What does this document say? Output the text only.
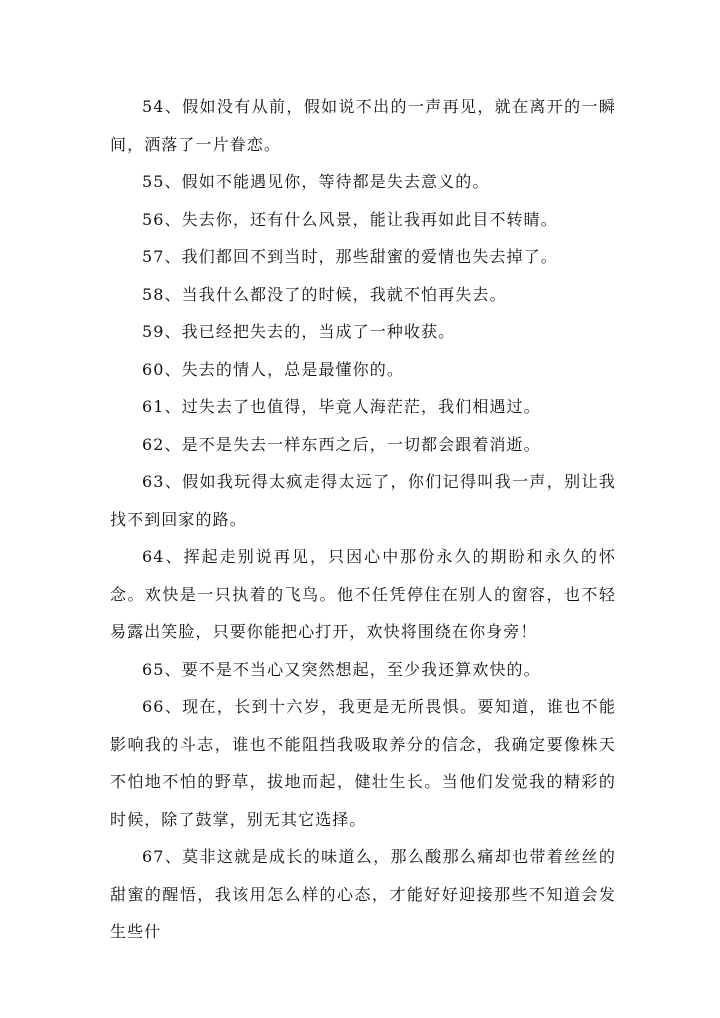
54、假如没有从前，假如说不出的一声再见，就在离开的一瞬间，洒落了一片眷恋。

55、假如不能遇见你，等待都是失去意义的。

56、失去你，还有什么风景，能让我再如此目不转睛。

57、我们都回不到当时，那些甜蜜的爱情也失去掉了。

58、当我什么都没了的时候，我就不怕再失去。

59、我已经把失去的，当成了一种收获。

60、失去的情人，总是最懂你的。

61、过失去了也值得，毕竟人海茫茫，我们相遇过。

62、是不是失去一样东西之后，一切都会跟着消逝。

63、假如我玩得太疯走得太远了，你们记得叫我一声，别让我找不到回家的路。

64、挥起走别说再见，只因心中那份永久的期盼和永久的怀念。欢快是一只执着的飞鸟。他不任凭停住在别人的窗容，也不轻易露出笑脸，只要你能把心打开，欢快将围绕在你身旁！

65、要不是不当心又突然想起，至少我还算欢快的。

66、现在，长到十六岁，我更是无所畏惧。要知道，谁也不能影响我的斗志，谁也不能阻挡我吸取养分的信念，我确定要像株天不怕地不怕的野草，拔地而起，健壮生长。当他们发觉我的精彩的时候，除了鼓掌，别无其它选择。

67、莫非这就是成长的味道么，那么酸那么痛却也带着丝丝的甜蜜的醒悟，我该用怎么样的心态，才能好好迎接那些不知道会发生些什
